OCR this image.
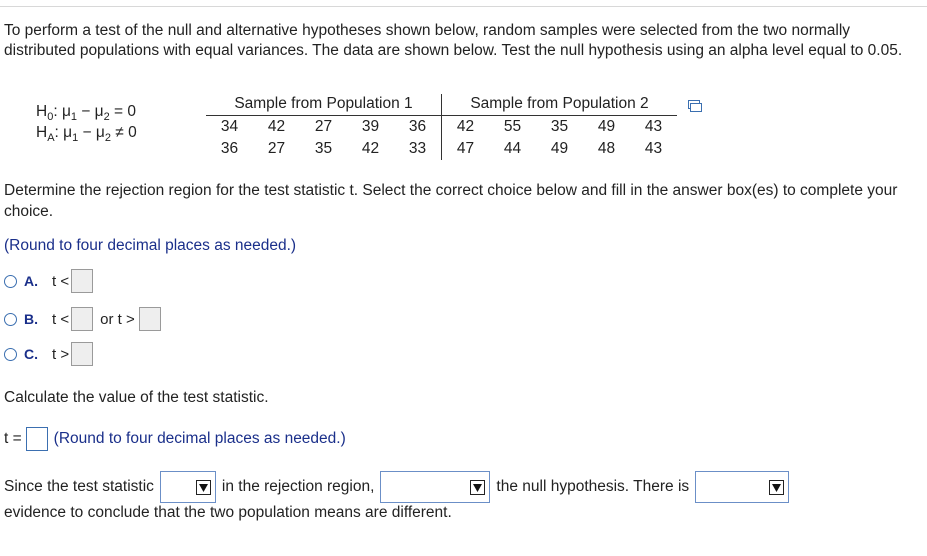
To perform a test of the null and alternative hypotheses shown below, random samples were selected from the two normally distributed populations with equal variances. The data are shown below. Test the null hypothesis using an alpha level equal to 0.05.
$H_0$: $\mu_1 - \mu_2 = 0$
$H_A$: $\mu_1 - \mu_2 \ne 0$
Sample from Population 1					Sample from Population 2				
34	42	27	39	36	42	55	35	49	43
36	27	35	42	33	47	44	49	48	43
Determine the rejection region for the test statistic t. Select the correct choice below and fill in the answer box(es) to complete your choice.
(Round to four decimal places as needed.)
A. t <
B. t < or t >
C. t >
Calculate the value of the test statistic.
t = (Round to four decimal places as needed.)
Since the test statistic	in the rejection region,	the null hypothesis. There is
evidence to conclude that the two population means are different.
